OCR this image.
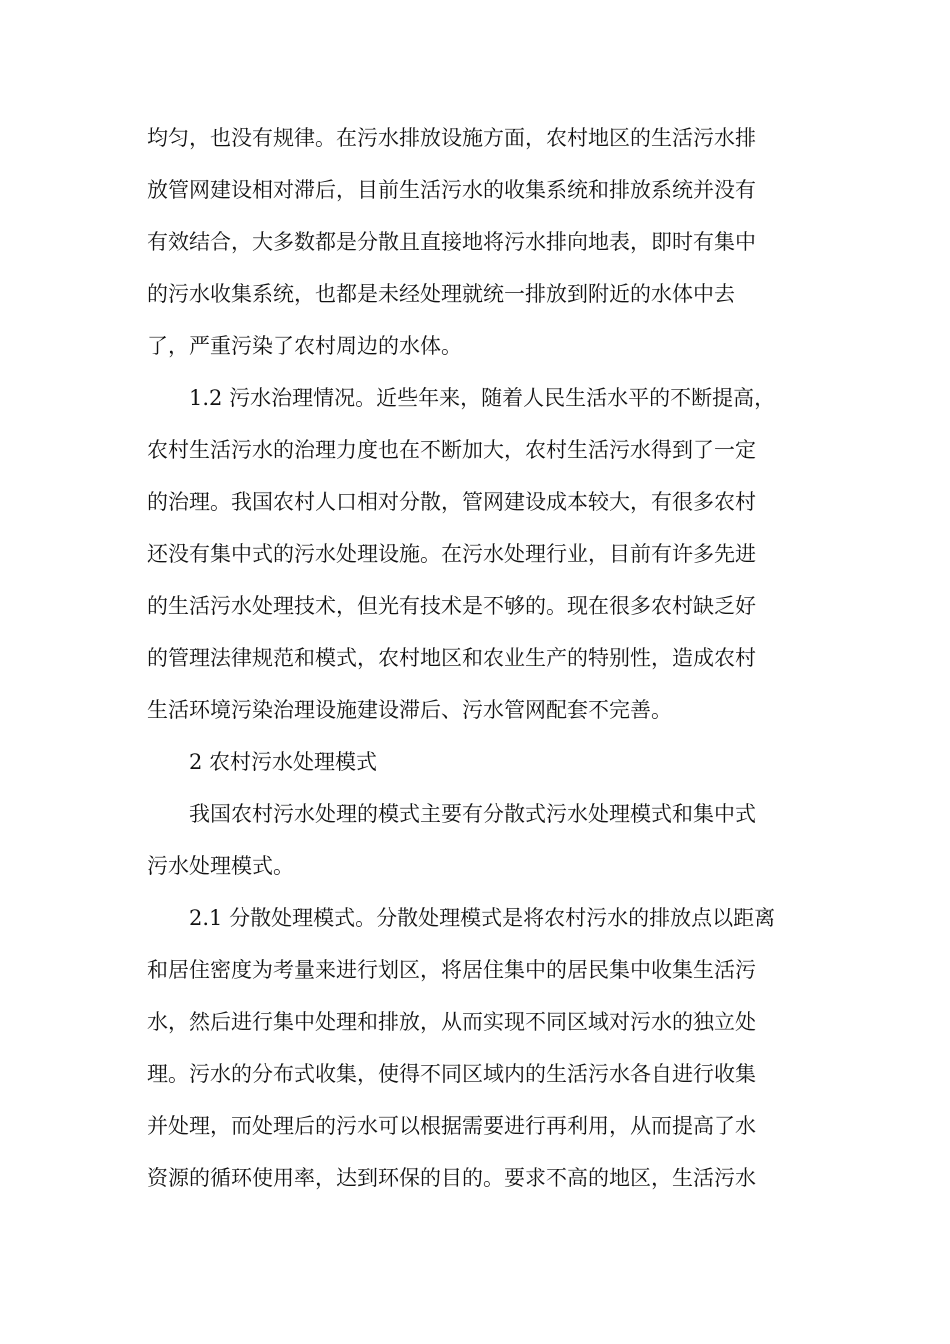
均匀，也没有规律。在污水排放设施方面，农村地区的生活污水排
放管网建设相对滞后，目前生活污水的收集系统和排放系统并没有
有效结合，大多数都是分散且直接地将污水排向地表，即时有集中
的污水收集系统，也都是未经处理就统一排放到附近的水体中去
了，严重污染了农村周边的水体。
1.2 污水治理情况。近些年来，随着人民生活水平的不断提高，
农村生活污水的治理力度也在不断加大，农村生活污水得到了一定
的治理。我国农村人口相对分散，管网建设成本较大，有很多农村
还没有集中式的污水处理设施。在污水处理行业，目前有许多先进
的生活污水处理技术，但光有技术是不够的。现在很多农村缺乏好
的管理法律规范和模式，农村地区和农业生产的特别性，造成农村
生活环境污染治理设施建设滞后、污水管网配套不完善。
2 农村污水处理模式
我国农村污水处理的模式主要有分散式污水处理模式和集中式
污水处理模式。
2.1 分散处理模式。分散处理模式是将农村污水的排放点以距离
和居住密度为考量来进行划区，将居住集中的居民集中收集生活污
水，然后进行集中处理和排放，从而实现不同区域对污水的独立处
理。污水的分布式收集，使得不同区域内的生活污水各自进行收集
并处理，而处理后的污水可以根据需要进行再利用，从而提高了水
资源的循环使用率，达到环保的目的。要求不高的地区，生活污水
